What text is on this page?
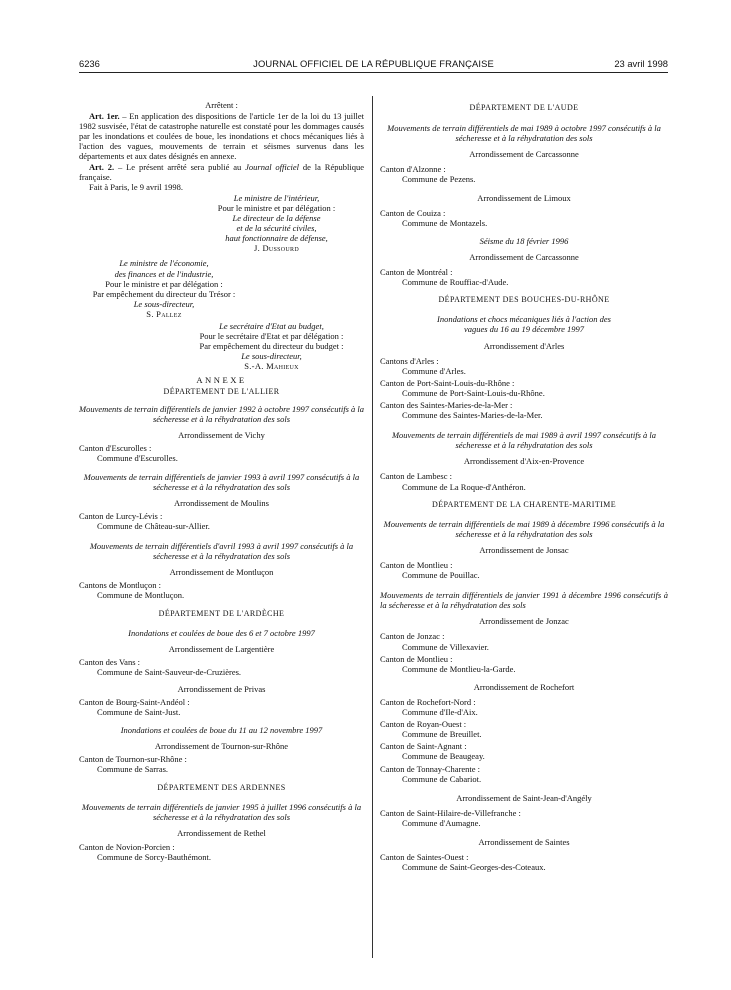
6236	JOURNAL OFFICIEL DE LA RÉPUBLIQUE FRANÇAISE	23 avril 1998

Arrêtent :

Art. 1er. – En application des dispositions de l'article 1er de la loi du 13 juillet 1982 susvisée, l'état de catastrophe naturelle est constaté pour les dommages causés par les inondations et coulées de boue, les inondations et chocs mécaniques liés à l'action des vagues, mouvements de terrain et séismes survenus dans les départements et aux dates désignés en annexe.

Art. 2. – Le présent arrêté sera publié au Journal officiel de la République française.

Fait à Paris, le 9 avril 1998.

Le ministre de l'intérieur,

Pour le ministre et par délégation :

Le directeur de la défense

et de la sécurité civiles,

haut fonctionnaire de défense,

J. Dussourd

Le ministre de l'économie,

des finances et de l'industrie,

Pour le ministre et par délégation :

Par empêchement du directeur du Trésor :

Le sous-directeur,

S. Pallez

Le secrétaire d'Etat au budget,

Pour le secrétaire d'Etat et par délégation :

Par empêchement du directeur du budget :

Le sous-directeur,

S.-A. Mahieux

ANNEXE

DÉPARTEMENT DE L'ALLIER

Mouvements de terrain différentiels de janvier 1992 à octobre 1997 consécutifs à la sécheresse et à la réhydratation des sols

Arrondissement de Vichy

Canton d'Escurolles :

Commune d'Escurolles.

Mouvements de terrain différentiels de janvier 1993 à avril 1997 consécutifs à la sécheresse et à la réhydratation des sols

Arrondissement de Moulins

Canton de Lurcy-Lévis :

Commune de Château-sur-Allier.

Mouvements de terrain différentiels d'avril 1993 à avril 1997 consécutifs à la sécheresse et à la réhydratation des sols

Arrondissement de Montluçon

Cantons de Montluçon :

Commune de Montluçon.

DÉPARTEMENT DE L'ARDÈCHE

Inondations et coulées de boue des 6 et 7 octobre 1997

Arrondissement de Largentière

Canton des Vans :

Commune de Saint-Sauveur-de-Cruzières.

Arrondissement de Privas

Canton de Bourg-Saint-Andéol :

Commune de Saint-Just.

Inondations et coulées de boue du 11 au 12 novembre 1997

Arrondissement de Tournon-sur-Rhône

Canton de Tournon-sur-Rhône :

Commune de Sarras.

DÉPARTEMENT DES ARDENNES

Mouvements de terrain différentiels de janvier 1995 à juillet 1996 consécutifs à la sécheresse et à la réhydratation des sols

Arrondissement de Rethel

Canton de Novion-Porcien :

Commune de Sorcy-Bauthémont.

DÉPARTEMENT DE L'AUDE

Mouvements de terrain différentiels de mai 1989 à octobre 1997 consécutifs à la sécheresse et à la réhydratation des sols

Arrondissement de Carcassonne

Canton d'Alzonne :

Commune de Pezens.

Arrondissement de Limoux

Canton de Couiza :

Commune de Montazels.

Séisme du 18 février 1996

Arrondissement de Carcassonne

Canton de Montréal :

Commune de Rouffiac-d'Aude.

DÉPARTEMENT DES BOUCHES-DU-RHÔNE

Inondations et chocs mécaniques liés à l'action des vagues du 16 au 19 décembre 1997

Arrondissement d'Arles

Cantons d'Arles :

Commune d'Arles.

Canton de Port-Saint-Louis-du-Rhône :

Commune de Port-Saint-Louis-du-Rhône.

Canton des Saintes-Maries-de-la-Mer :

Commune des Saintes-Maries-de-la-Mer.

Mouvements de terrain différentiels de mai 1989 à avril 1997 consécutifs à la sécheresse et à la réhydratation des sols

Arrondissement d'Aix-en-Provence

Canton de Lambesc :

Commune de La Roque-d'Anthéron.

DÉPARTEMENT DE LA CHARENTE-MARITIME

Mouvements de terrain différentiels de mai 1989 à décembre 1996 consécutifs à la sécheresse et à la réhydratation des sols

Arrondissement de Jonsac

Canton de Montlieu :

Commune de Pouillac.

Mouvements de terrain différentiels de janvier 1991 à décembre 1996 consécutifs à la sécheresse et à la réhydratation des sols

Arrondissement de Jonzac

Canton de Jonzac :

Commune de Villexavier.

Canton de Montlieu :

Commune de Montlieu-la-Garde.

Arrondissement de Rochefort

Canton de Rochefort-Nord :

Commune d'Ile-d'Aix.

Canton de Royan-Ouest :

Commune de Breuillet.

Canton de Saint-Agnant :

Commune de Beaugeay.

Canton de Tonnay-Charente :

Commune de Cabariot.

Arrondissement de Saint-Jean-d'Angély

Canton de Saint-Hilaire-de-Villefranche :

Commune d'Aumagne.

Arrondissement de Saintes

Canton de Saintes-Ouest :

Commune de Saint-Georges-des-Coteaux.
